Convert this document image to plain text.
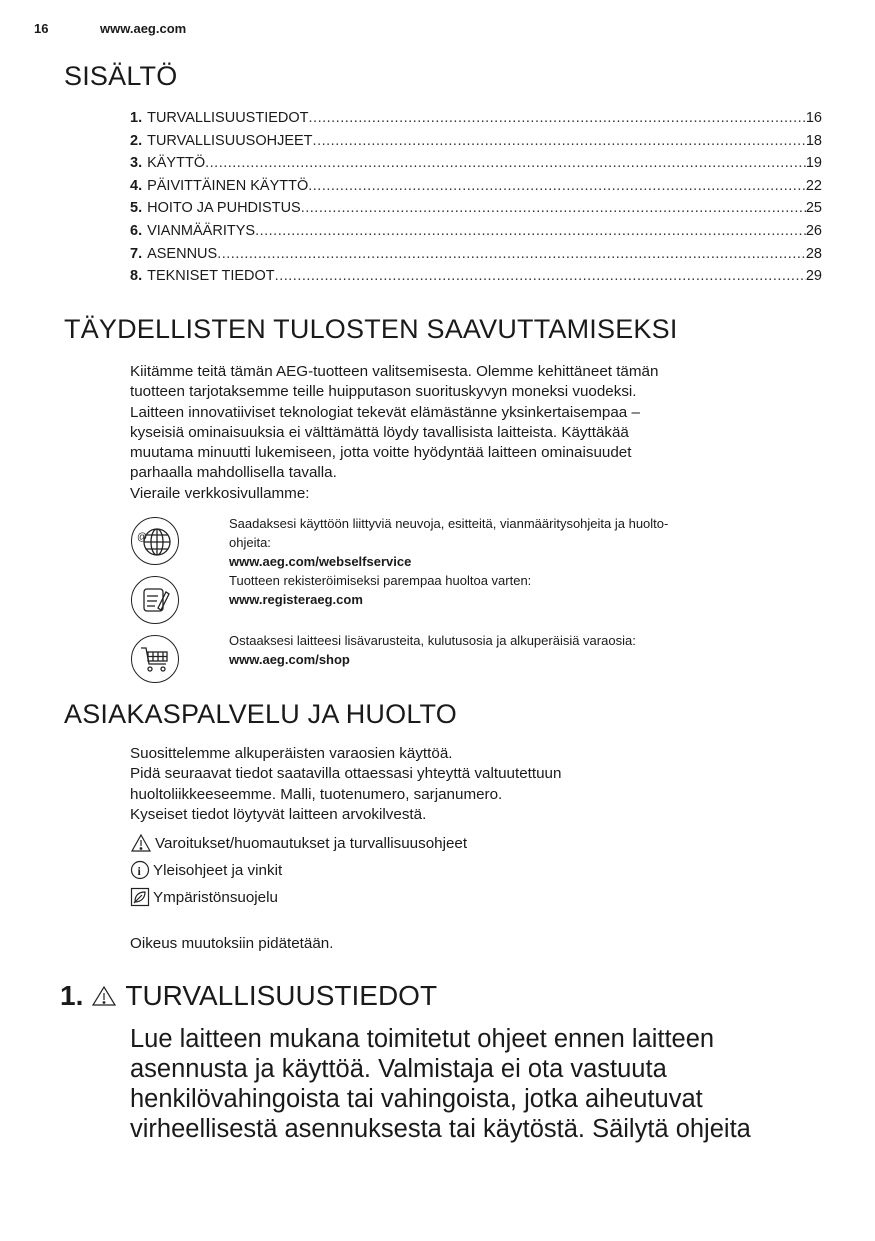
16	www.aeg.com
SISÄLTÖ
1. TURVALLISUUSTIEDOT .....	16
2. TURVALLISUUSOHJEET .....	18
3. KÄYTTÖ .....	19
4. PÄIVITTÄINEN KÄYTTÖ .....	22
5. HOITO JA PUHDISTUS .....	25
6. VIANMÄÄRITYS .....	26
7. ASENNUS .....	28
8. TEKNISET TIEDOT .....	29
TÄYDELLISTEN TULOSTEN SAAVUTTAMISEKSI
Kiitämme teitä tämän AEG-tuotteen valitsemisesta. Olemme kehittäneet tämän
tuotteen tarjotaksemme teille huipputason suorituskyvyn moneksi vuodeksi.
Laitteen innovatiiviset teknologiat tekevät elämästänne yksinkertaisempaa –
kyseisiä ominaisuuksia ei välttämättä löydy tavallisista laitteista. Käyttäkää
muutama minuutti lukemiseen, jotta voitte hyödyntää laitteen ominaisuudet
parhaalla mahdollisella tavalla.
Vieraile verkkosivullamme:
@
Saadaksesi käyttöön liittyviä neuvoja, esitteitä, vianmääritysohjeita ja huolto-
ohjeita:
www.aeg.com/webselfservice
Tuotteen rekisteröimiseksi parempaa huoltoa varten:
www.registeraeg.com
Ostaaksesi laitteesi lisävarusteita, kulutusosia ja alkuperäisiä varaosia:
www.aeg.com/shop
ASIAKASPALVELU JA HUOLTO
Suosittelemme alkuperäisten varaosien käyttöä.
Pidä seuraavat tiedot saatavilla ottaessasi yhteyttä valtuutettuun
huoltoliikkeeseemme. Malli, tuotenumero, sarjanumero.
Kyseiset tiedot löytyvät laitteen arvokilvestä.
Varoitukset/huomautukset ja turvallisuusohjeet
i Yleisohjeet ja vinkit
Ympäristönsuojelu
Oikeus muutoksiin pidätetään.
1. TURVALLISUUSTIEDOT
Lue laitteen mukana toimitetut ohjeet ennen laitteen
asennusta ja käyttöä. Valmistaja ei ota vastuuta
henkilövahingoista tai vahingoista, jotka aiheutuvat
virheellisestä asennuksesta tai käytöstä. Säilytä ohjeita
